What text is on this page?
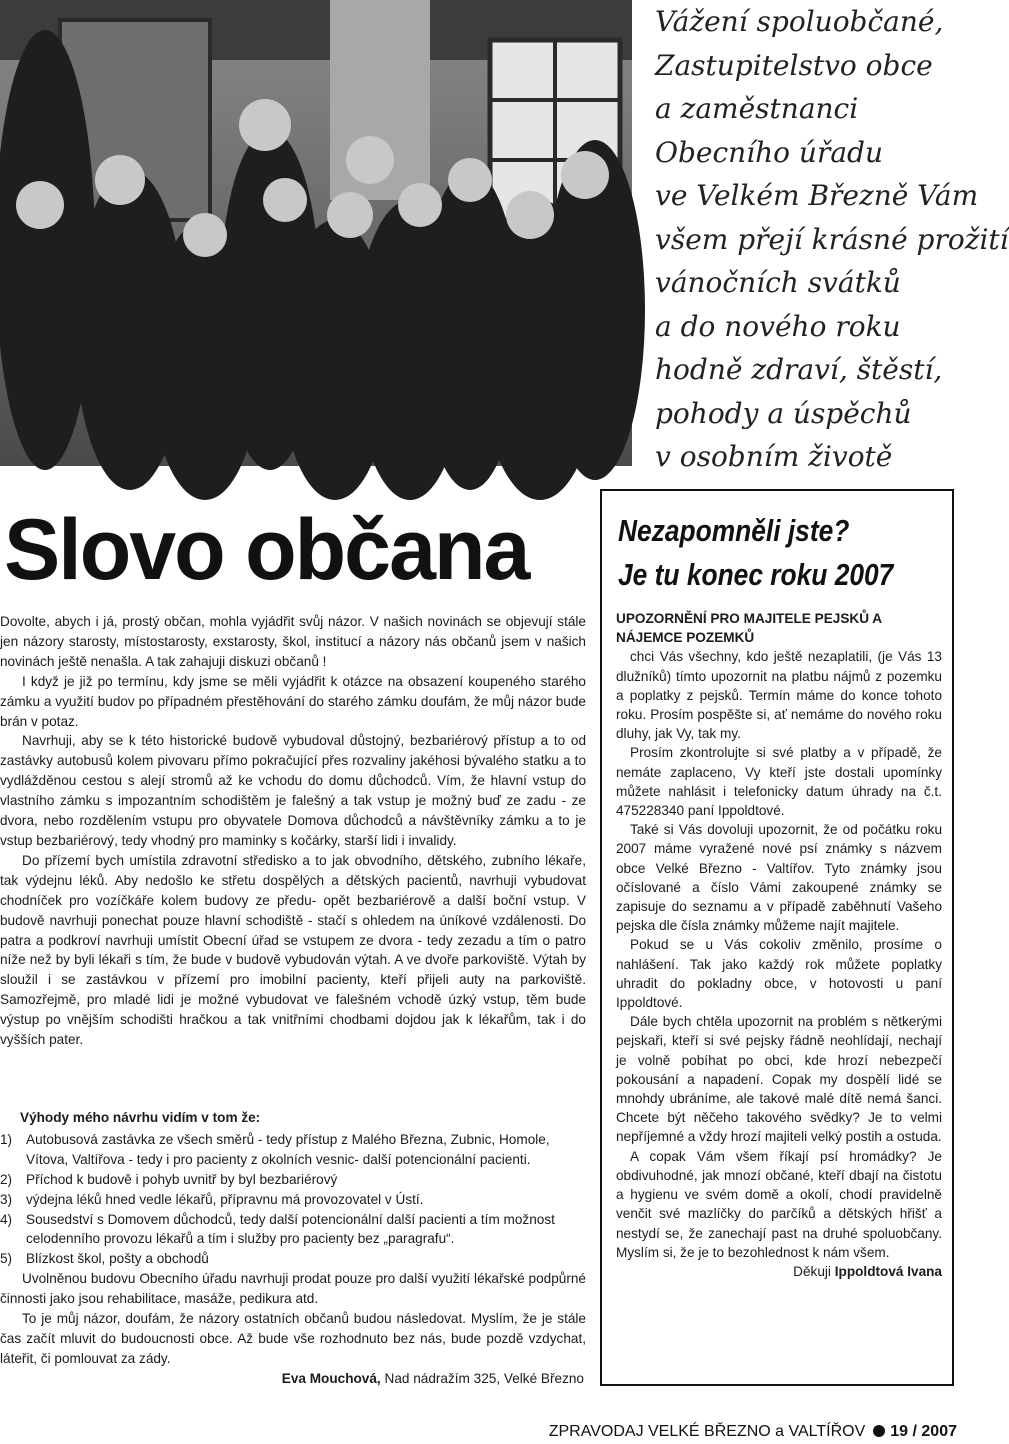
Vážení spoluobčané,
Zastupitelstvo obce
a zaměstnanci
Obecního úřadu
ve Velkém Březně Vám
všem přejí krásné prožití
vánočních svátků
a do nového roku
hodně zdraví, štěstí,
pohody a úspěchů
v osobním životě
Slovo občana

Dovolte, abych i já, prostý občan, mohla vyjádřit svůj názor. V našich novinách se objevují stále jen názory starosty, místostarosty, exstarosty, škol, institucí a názory nás občanů jsem v našich novinách ještě nenašla. A tak zahajuji diskuzi občanů !

I když je již po termínu, kdy jsme se měli vyjádřit k otázce na obsazení koupeného starého zámku a využití budov po případném přestěhování do starého zámku doufám, že můj názor bude brán v potaz.

Navrhuji, aby se k této historické budově vybudoval důstojný, bezbariérový přístup a to od zastávky autobusů kolem pivovaru přímo pokračující přes rozvaliny jakéhosi bývalého statku a to vydlážděnou cestou s alejí stromů až ke vchodu do domu důchodců. Vím, že hlavní vstup do vlastního zámku s impozantním schodištěm je falešný a tak vstup je možný buď ze zadu - ze dvora, nebo rozdělením vstupu pro obyvatele Domova důchodců a návštěvníky zámku a to je vstup bezbariérový, tedy vhodný pro maminky s kočárky, starší lidi i invalidy.

Do přízemí bych umístila zdravotní středisko a to jak obvodního, dětského, zubního lékaře, tak výdejnu léků. Aby nedošlo ke střetu dospělých a dětských pacientů, navrhuji vybudovat chodníček pro vozíčkáře kolem budovy ze předu- opět bezbariérově a další boční vstup. V budově navrhuji ponechat pouze hlavní schodiště - stačí s ohledem na úníkové vzdálenosti. Do patra a podkroví navrhuji umístit Obecní úřad se vstupem ze dvora - tedy zezadu a tím o patro níže než by byli lékaři s tím, že bude v budově vybudován výtah. A ve dvoře parkoviště. Výtah by sloužil i se zastávkou v přízemí pro imobilní pacienty, kteří přijeli auty na parkoviště. Samozřejmě, pro mladé lidi je možné vybudovat ve falešném vchodě úzký vstup, těm bude výstup po vnějším schodišti hračkou a tak vnitřními chodbami dojdou jak k lékařům, tak i do vyšších pater.

Výhody mého návrhu vidím v tom že:
1)	Autobusová zastávka ze všech směrů - tedy přístup z Malého Března, Zubnic, Homole, Vítova, Valtířova - tedy i pro pacienty z okolních vesnic- další potencionální pacienti.
2)	Příchod k budově i pohyb uvnitř by byl bezbariérový
3)	výdejna léků hned vedle lékařů, přípravnu má provozovatel v Ústí.
4)	Sousedství s Domovem důchodců, tedy další potencionální další pacienti a tím možnost celodenního provozu lékařů a tím i služby pro pacienty bez „paragrafu“.
5)	Blízkost škol, pošty a obchodů

Uvolněnou budovu Obecního úřadu navrhuji prodat pouze pro další využití lékařské podpůrné činnosti jako jsou rehabilitace, masáže, pedikura atd.

To je můj názor, doufám, že názory ostatních občanů budou následovat. Myslím, že je stále čas začít mluvit do budoucnosti obce. Až bude vše rozhodnuto bez nás, bude pozdě vzdychat, láteřit, či pomlouvat za zády.

Eva Mouchová, Nad nádražím 325, Velké Březno
Nezapomněli jste?
Je tu konec roku 2007
UPOZORNĚNÍ PRO MAJITELE PEJSKŮ A NÁJEMCE POZEMKŮ

chci Vás všechny, kdo ještě nezaplatili, (je Vás 13 dlužníků) tímto upozornit na platbu nájmů z pozemku a poplatky z pejsků. Termín máme do konce tohoto roku. Prosím pospěšte si, ať nemáme do nového roku dluhy, jak Vy, tak my.

Prosím zkontrolujte si své platby a v případě, že nemáte zaplaceno, Vy kteří jste dostali upomínky můžete nahlásit i telefonicky datum úhrady na č.t. 475228340 paní Ippoldtové.

Také si Vás dovoluji upozornit, že od počátku roku 2007 máme vyražené nové psí známky s názvem obce Velké Březno - Valtířov. Tyto známky jsou očíslované a číslo Vámi zakoupené známky se zapisuje do seznamu a v případě zaběhnutí Vašeho pejska dle čísla známky můžeme najít majitele.

Pokud se u Vás cokoliv změnilo, prosíme o nahlášení. Tak jako každý rok můžete poplatky uhradit do pokladny obce, v hotovosti u paní Ippoldtové.

Dále bych chtěla upozornit na problém s nětkerými pejskaři, kteří si své pejsky řádně neohlídají, nechají je volně pobíhat po obci, kde hrozí nebezpečí pokousání a napadení. Copak my dospělí lidé se mnohdy ubráníme, ale takové malé dítě nemá šanci. Chcete být něčeho takového svědky? Je to velmi nepříjemné a vždy hrozí majiteli velký postih a ostuda.

A copak Vám všem říkají psí hromádky? Je obdivuhodné, jak mnozí občané, kteří dbají na čistotu a hygienu ve svém domě a okolí, chodí pravidelně venčit své mazlíčky do parčíků a dětských hřišť a nestydí se, že zanechají past na druhé spoluobčany. Myslím si, že je to bezohlednost k nám všem.

Děkuji Ippoldtová Ivana
ZPRAVODAJ VELKÉ BŘEZNO a VALTÍŘOV 19 / 2007
